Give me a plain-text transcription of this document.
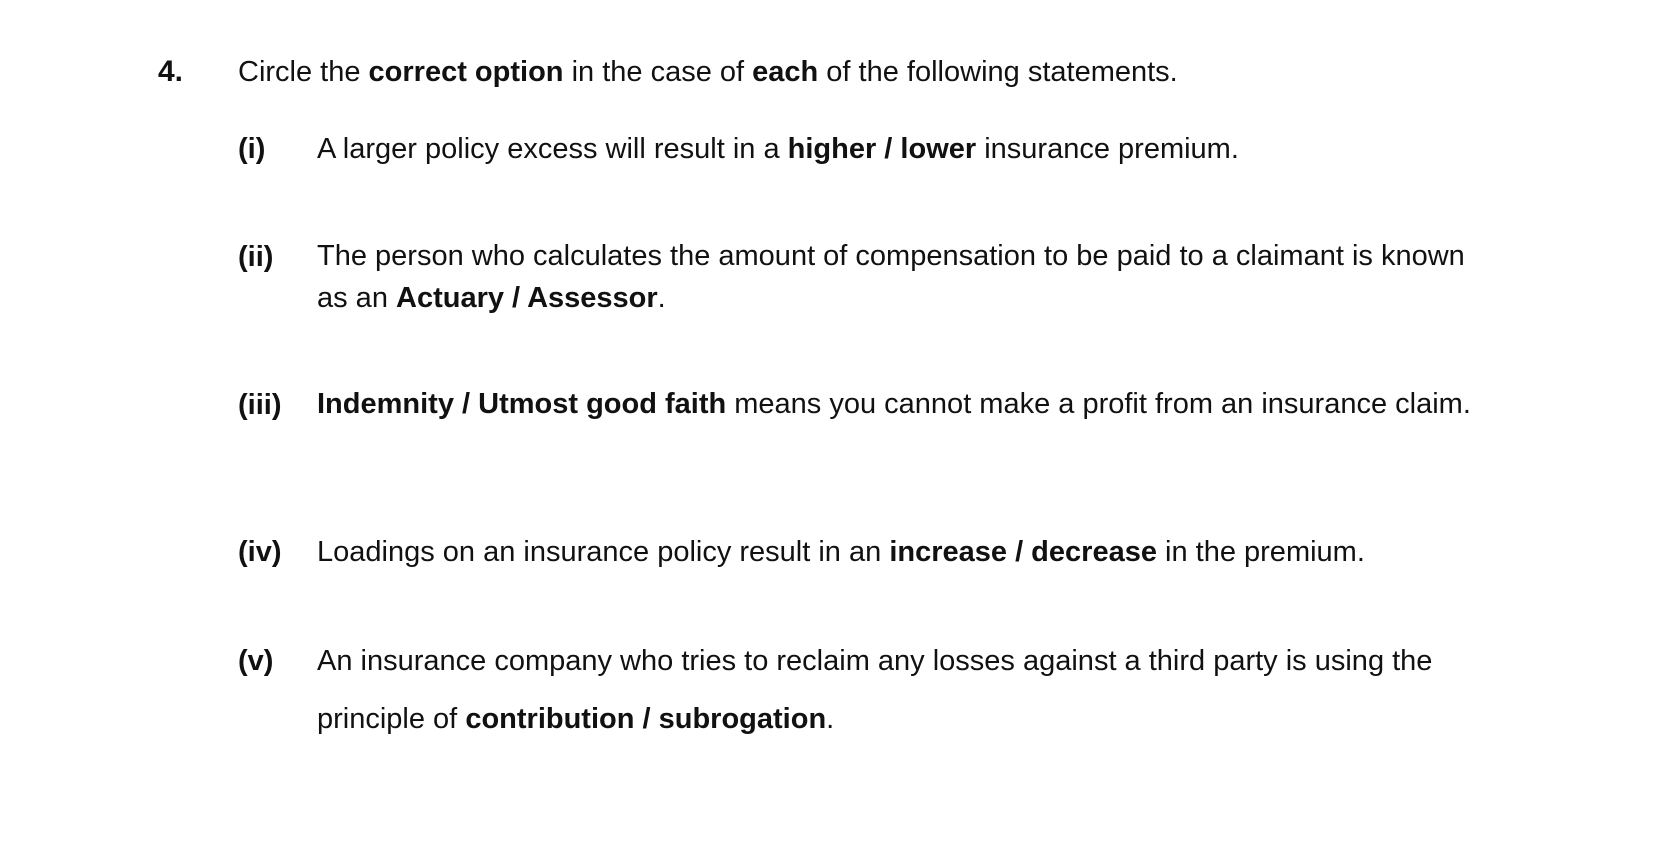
4. Circle the correct option in the case of each of the following statements.
(i) A larger policy excess will result in a higher / lower insurance premium.
(ii) The person who calculates the amount of compensation to be paid to a claimant is known as an Actuary / Assessor.
(iii) Indemnity / Utmost good faith means you cannot make a profit from an insurance claim.
(iv) Loadings on an insurance policy result in an increase / decrease in the premium.
(v) An insurance company who tries to reclaim any losses against a third party is using the principle of contribution / subrogation.
